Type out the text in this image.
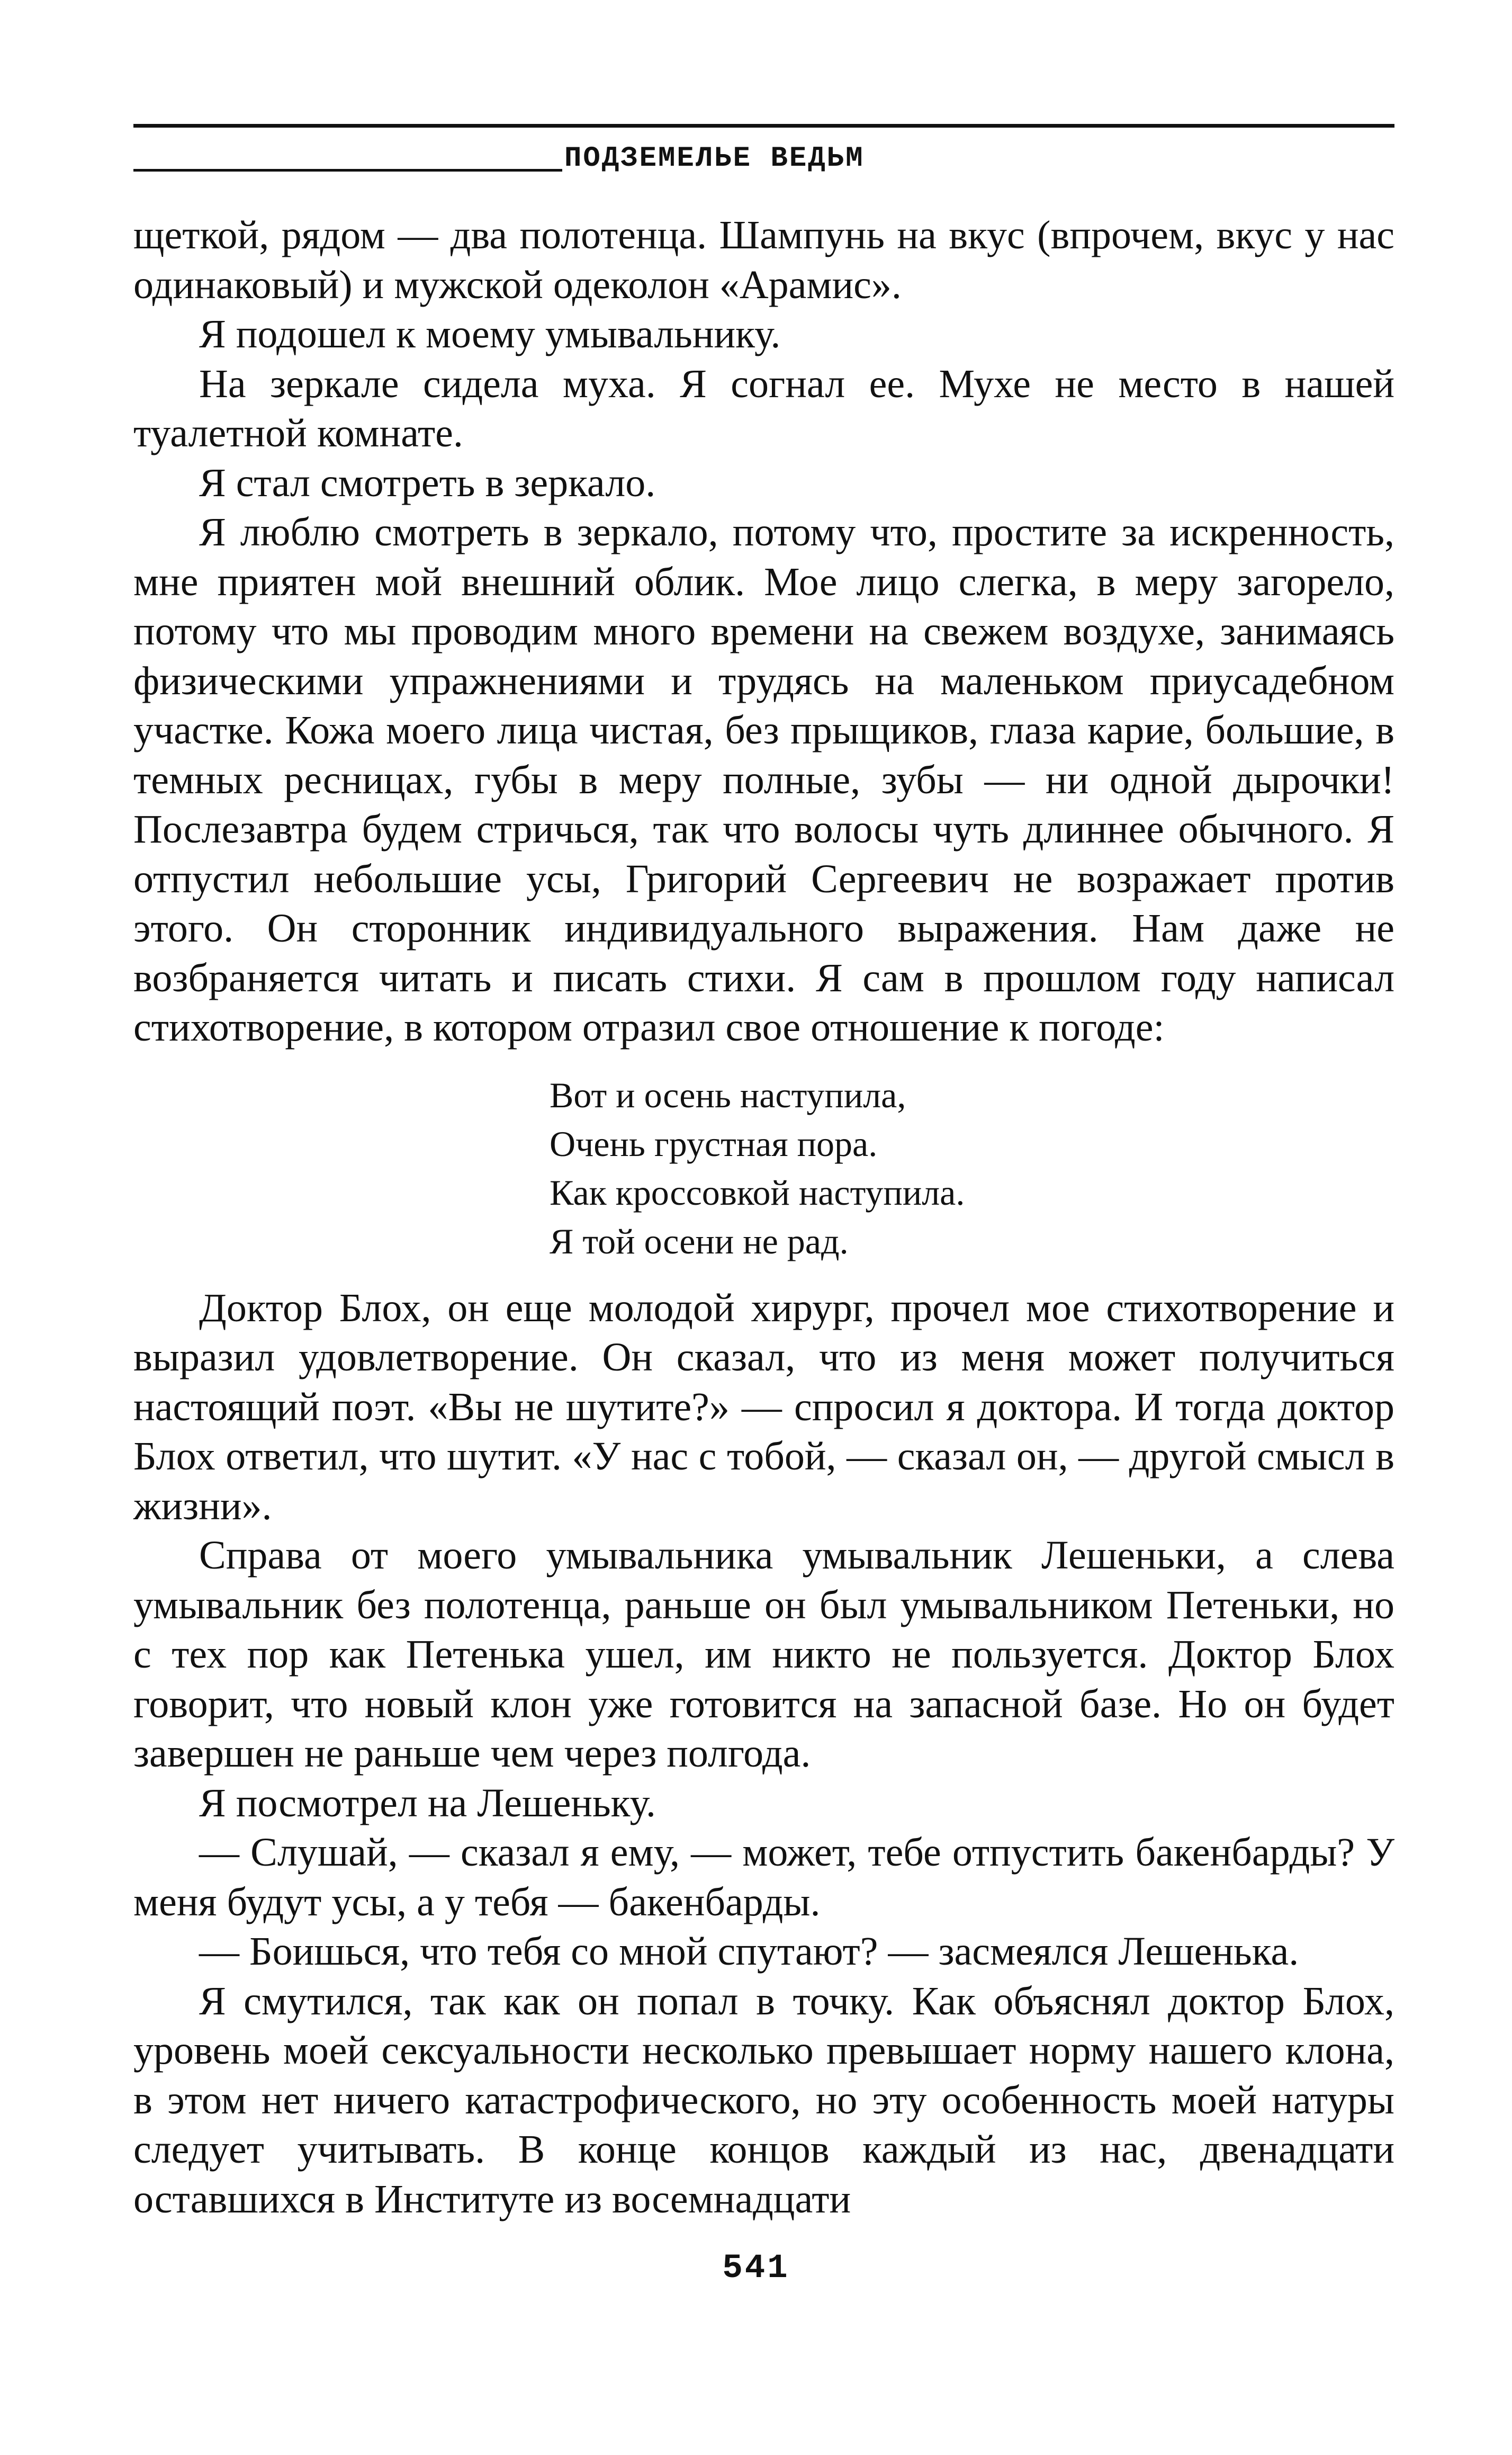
ПОДЗЕМЕЛЬЕ ВЕДЬМ

щеткой, рядом — два полотенца. Шампунь на вкус (впрочем, вкус у нас одинаковый) и мужской одеколон «Арамис».

Я подошел к моему умывальнику.

На зеркале сидела муха. Я согнал ее. Мухе не место в нашей туалетной комнате.

Я стал смотреть в зеркало.

Я люблю смотреть в зеркало, потому что, простите за искренность, мне приятен мой внешний облик. Мое лицо слегка, в меру загорело, потому что мы проводим много времени на свежем воздухе, занимаясь физическими упражнениями и трудясь на маленьком приусадебном участке. Кожа моего лица чистая, без прыщиков, глаза карие, большие, в темных ресницах, губы в меру полные, зубы — ни одной дырочки! Послезавтра будем стричься, так что волосы чуть длиннее обычного. Я отпустил небольшие усы, Григорий Сергеевич не возражает против этого. Он сторонник индивидуального выражения. Нам даже не возбраняется читать и писать стихи. Я сам в прошлом году написал стихотворение, в котором отразил свое отношение к погоде:

Вот и осень наступила,
Очень грустная пора.
Как кроссовкой наступила.
Я той осени не рад.

Доктор Блох, он еще молодой хирург, прочел мое стихотворение и выразил удовлетворение. Он сказал, что из меня может получиться настоящий поэт. «Вы не шутите?» — спросил я доктора. И тогда доктор Блох ответил, что шутит. «У нас с тобой, — сказал он, — другой смысл в жизни».

Справа от моего умывальника умывальник Лешеньки, а слева умывальник без полотенца, раньше он был умывальником Петеньки, но с тех пор как Петенька ушел, им никто не пользуется. Доктор Блох говорит, что новый клон уже готовится на запасной базе. Но он будет завершен не раньше чем через полгода.

Я посмотрел на Лешеньку.

— Слушай, — сказал я ему, — может, тебе отпустить бакенбарды? У меня будут усы, а у тебя — бакенбарды.

— Боишься, что тебя со мной спутают? — засмеялся Лешенька.

Я смутился, так как он попал в точку. Как объяснял доктор Блох, уровень моей сексуальности несколько превышает норму нашего клона, в этом нет ничего катастрофического, но эту особенность моей натуры следует учитывать. В конце концов каждый из нас, двенадцати оставшихся в Институте из восемнадцати

541
